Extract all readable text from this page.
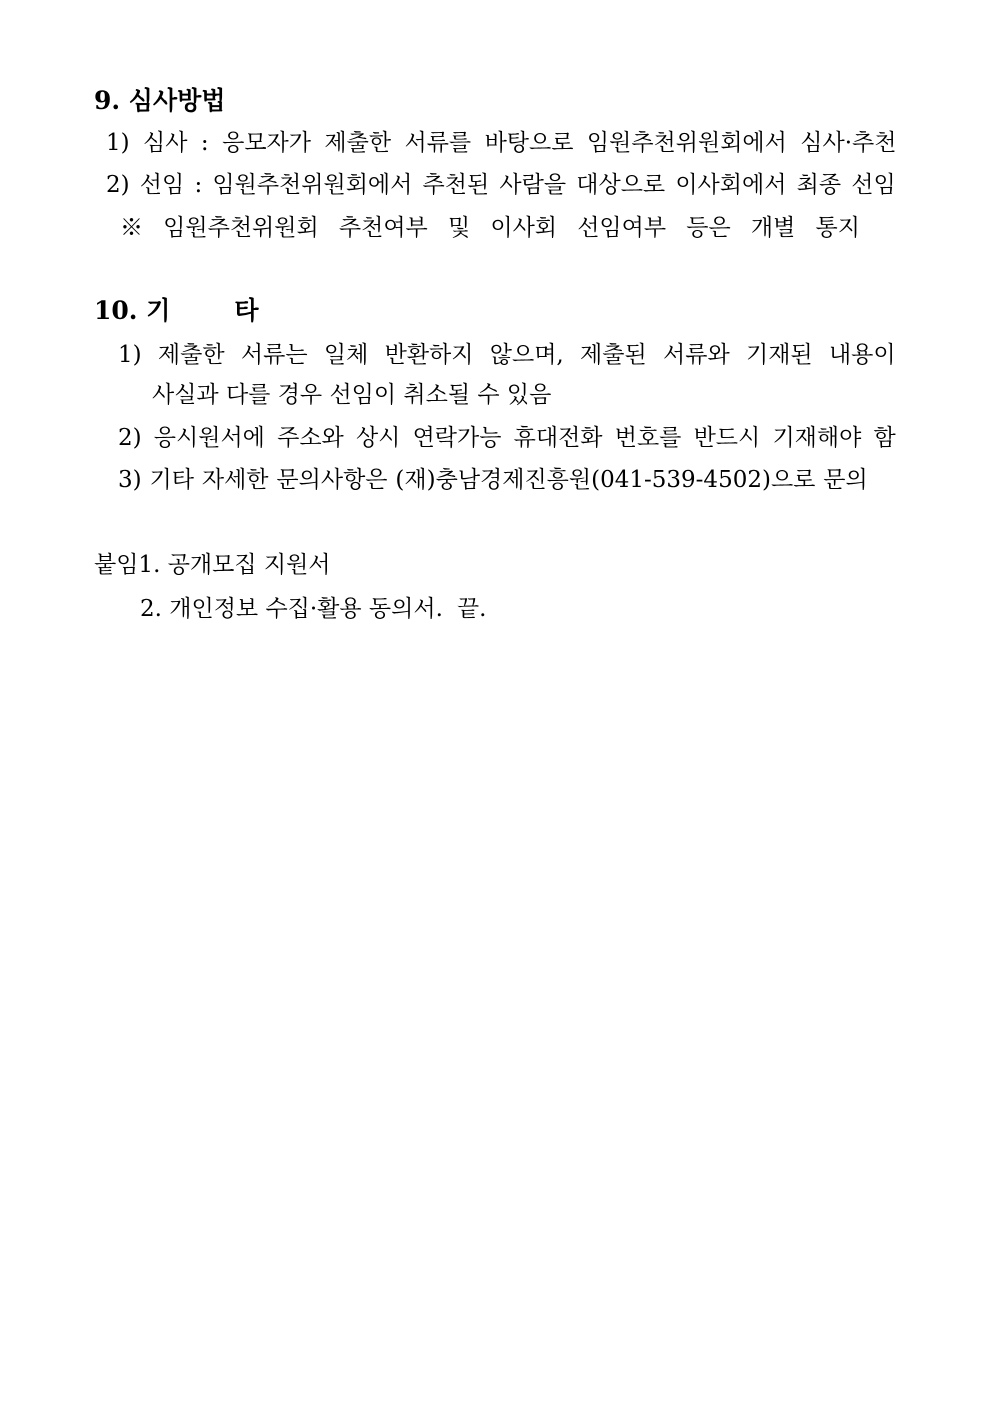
9. 심사방법
1) 심사 : 응모자가 제출한 서류를 바탕으로 임원추천위원회에서 심사·추천
2) 선임 : 임원추천위원회에서 추천된 사람을 대상으로 이사회에서 최종 선임
※ 임원추천위원회 추천여부 및 이사회 선임여부 등은 개별 통지
10. 기	타
1) 제출한 서류는 일체 반환하지 않으며, 제출된 서류와 기재된 내용이
사실과 다를 경우 선임이 취소될 수 있음
2) 응시원서에 주소와 상시 연락가능 휴대전화 번호를 반드시 기재해야 함
3) 기타 자세한 문의사항은 (재)충남경제진흥원(041-539-4502)으로 문의
붙임1. 공개모집 지원서
2. 개인정보 수집·활용 동의서. 끝.
